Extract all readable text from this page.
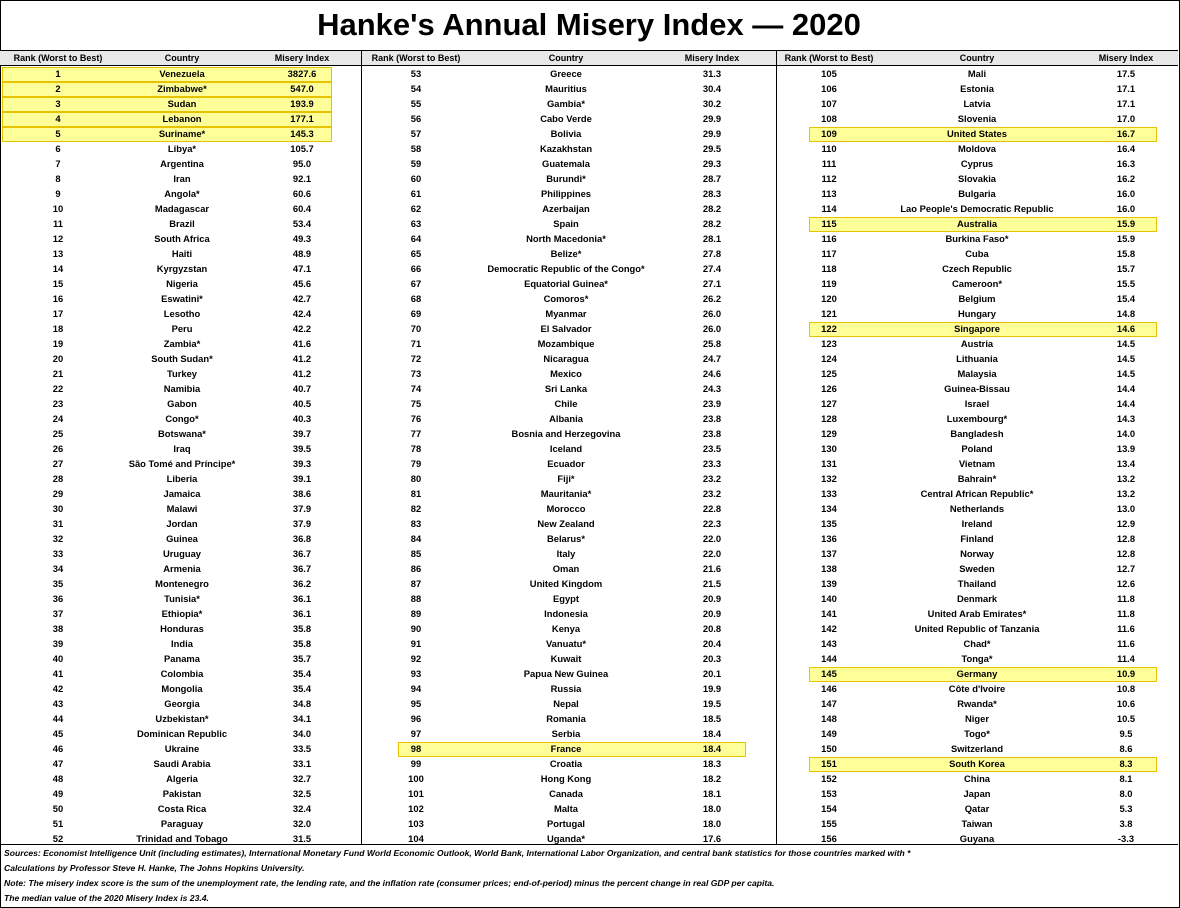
Hanke's Annual Misery Index — 2020
Rank (Worst to Best)	Country	Misery Index
1	Venezuela	3827.6
2	Zimbabwe*	547.0
3	Sudan	193.9
4	Lebanon	177.1
5	Suriname*	145.3
6	Libya*	105.7
7	Argentina	95.0
8	Iran	92.1
9	Angola*	60.6
10	Madagascar	60.4
11	Brazil	53.4
12	South Africa	49.3
13	Haiti	48.9
14	Kyrgyzstan	47.1
15	Nigeria	45.6
16	Eswatini*	42.7
17	Lesotho	42.4
18	Peru	42.2
19	Zambia*	41.6
20	South Sudan*	41.2
21	Turkey	41.2
22	Namibia	40.7
23	Gabon	40.5
24	Congo*	40.3
25	Botswana*	39.7
26	Iraq	39.5
27	São Tomé and Príncipe*	39.3
28	Liberia	39.1
29	Jamaica	38.6
30	Malawi	37.9
31	Jordan	37.9
32	Guinea	36.8
33	Uruguay	36.7
34	Armenia	36.7
35	Montenegro	36.2
36	Tunisia*	36.1
37	Ethiopia*	36.1
38	Honduras	35.8
39	India	35.8
40	Panama	35.7
41	Colombia	35.4
42	Mongolia	35.4
43	Georgia	34.8
44	Uzbekistan*	34.1
45	Dominican Republic	34.0
46	Ukraine	33.5
47	Saudi Arabia	33.1
48	Algeria	32.7
49	Pakistan	32.5
50	Costa Rica	32.4
51	Paraguay	32.0
52	Trinidad and Tobago	31.5
Rank (Worst to Best)	Country	Misery Index
53	Greece	31.3
54	Mauritius	30.4
55	Gambia*	30.2
56	Cabo Verde	29.9
57	Bolivia	29.9
58	Kazakhstan	29.5
59	Guatemala	29.3
60	Burundi*	28.7
61	Philippines	28.3
62	Azerbaijan	28.2
63	Spain	28.2
64	North Macedonia*	28.1
65	Belize*	27.8
66	Democratic Republic of the Congo*	27.4
67	Equatorial Guinea*	27.1
68	Comoros*	26.2
69	Myanmar	26.0
70	El Salvador	26.0
71	Mozambique	25.8
72	Nicaragua	24.7
73	Mexico	24.6
74	Sri Lanka	24.3
75	Chile	23.9
76	Albania	23.8
77	Bosnia and Herzegovina	23.8
78	Iceland	23.5
79	Ecuador	23.3
80	Fiji*	23.2
81	Mauritania*	23.2
82	Morocco	22.8
83	New Zealand	22.3
84	Belarus*	22.0
85	Italy	22.0
86	Oman	21.6
87	United Kingdom	21.5
88	Egypt	20.9
89	Indonesia	20.9
90	Kenya	20.8
91	Vanuatu*	20.4
92	Kuwait	20.3
93	Papua New Guinea	20.1
94	Russia	19.9
95	Nepal	19.5
96	Romania	18.5
97	Serbia	18.4
98	France	18.4
99	Croatia	18.3
100	Hong Kong	18.2
101	Canada	18.1
102	Malta	18.0
103	Portugal	18.0
104	Uganda*	17.6
Rank (Worst to Best)	Country	Misery Index
105	Mali	17.5
106	Estonia	17.1
107	Latvia	17.1
108	Slovenia	17.0
109	United States	16.7
110	Moldova	16.4
111	Cyprus	16.3
112	Slovakia	16.2
113	Bulgaria	16.0
114	Lao People's Democratic Republic	16.0
115	Australia	15.9
116	Burkina Faso*	15.9
117	Cuba	15.8
118	Czech Republic	15.7
119	Cameroon*	15.5
120	Belgium	15.4
121	Hungary	14.8
122	Singapore	14.6
123	Austria	14.5
124	Lithuania	14.5
125	Malaysia	14.5
126	Guinea-Bissau	14.4
127	Israel	14.4
128	Luxembourg*	14.3
129	Bangladesh	14.0
130	Poland	13.9
131	Vietnam	13.4
132	Bahrain*	13.2
133	Central African Republic*	13.2
134	Netherlands	13.0
135	Ireland	12.9
136	Finland	12.8
137	Norway	12.8
138	Sweden	12.7
139	Thailand	12.6
140	Denmark	11.8
141	United Arab Emirates*	11.8
142	United Republic of Tanzania	11.6
143	Chad*	11.6
144	Tonga*	11.4
145	Germany	10.9
146	Côte d'Ivoire	10.8
147	Rwanda*	10.6
148	Niger	10.5
149	Togo*	9.5
150	Switzerland	8.6
151	South Korea	8.3
152	China	8.1
153	Japan	8.0
154	Qatar	5.3
155	Taiwan	3.8
156	Guyana	-3.3
Sources: Economist Intelligence Unit (including estimates), International Monetary Fund World Economic Outlook, World Bank, International Labor Organization, and central bank statistics for those countries marked with *
Calculations by Professor Steve H. Hanke, The Johns Hopkins University.
Note: The misery index score is the sum of the unemployment rate, the lending rate, and the inflation rate (consumer prices; end-of-period) minus the percent change in real GDP per capita.
The median value of the 2020 Misery Index is 23.4.
